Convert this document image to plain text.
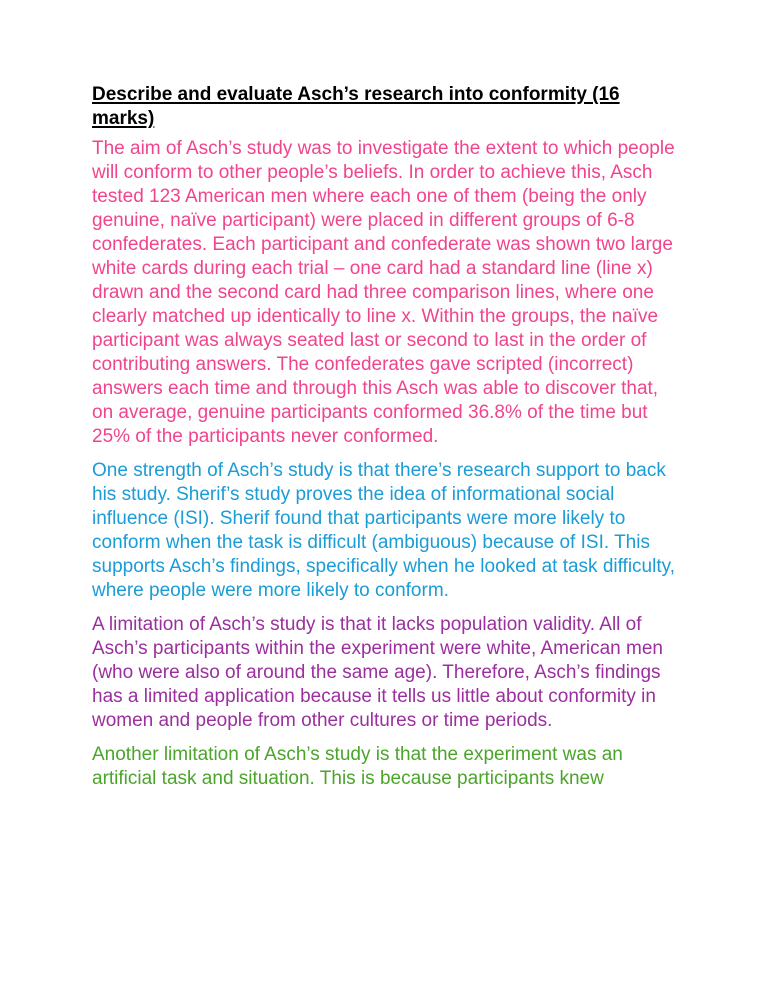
Describe and evaluate Asch’s research into conformity (16 marks)

The aim of Asch’s study was to investigate the extent to which people will conform to other people’s beliefs. In order to achieve this, Asch tested 123 American men where each one of them (being the only genuine, naïve participant) were placed in different groups of 6-8 confederates. Each participant and confederate was shown two large white cards during each trial – one card had a standard line (line x) drawn and the second card had three comparison lines, where one clearly matched up identically to line x. Within the groups, the naïve participant was always seated last or second to last in the order of contributing answers. The confederates gave scripted (incorrect) answers each time and through this Asch was able to discover that, on average, genuine participants conformed 36.8% of the time but 25% of the participants never conformed.

One strength of Asch’s study is that there’s research support to back his study. Sherif’s study proves the idea of informational social influence (ISI). Sherif found that participants were more likely to conform when the task is difficult (ambiguous) because of ISI. This supports Asch’s findings, specifically when he looked at task difficulty, where people were more likely to conform.

A limitation of Asch’s study is that it lacks population validity. All of Asch’s participants within the experiment were white, American men (who were also of around the same age). Therefore, Asch’s findings has a limited application because it tells us little about conformity in women and people from other cultures or time periods.

Another limitation of Asch’s study is that the experiment was an artificial task and situation. This is because participants knew
